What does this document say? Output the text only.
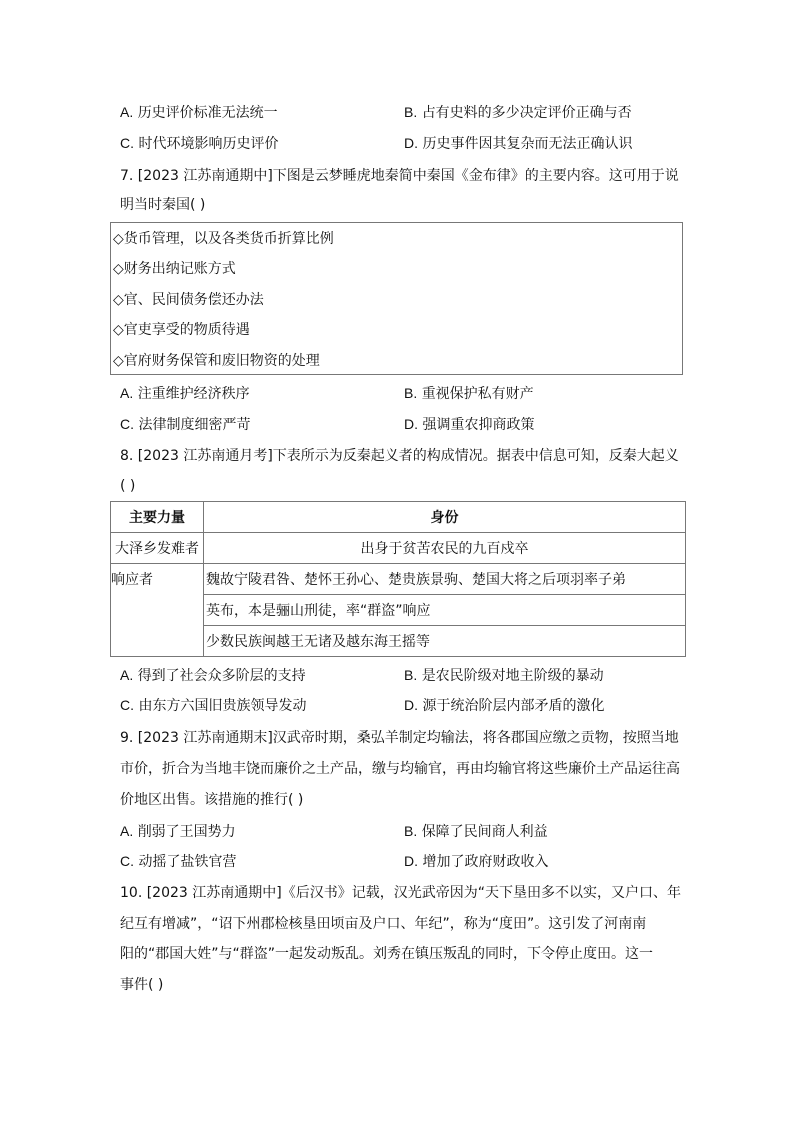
A. 历史评价标准无法统一	B. 占有史料的多少决定评价正确与否
C. 时代环境影响历史评价	D. 历史事件因其复杂而无法正确认识
7. [2023 江苏南通期中]下图是云梦睡虎地秦简中秦国《金布律》的主要内容。这可用于说
明当时秦国( )
◇货币管理，以及各类货币折算比例
◇财务出纳记账方式
◇官、民间债务偿还办法
◇官吏享受的物质待遇
◇官府财务保管和废旧物资的处理
A. 注重维护经济秩序	B. 重视保护私有财产
C. 法律制度细密严苛	D. 强调重农抑商政策
8. [2023 江苏南通月考]下表所示为反秦起义者的构成情况。据表中信息可知，反秦大起义
( )
主要力量	身份
大泽乡发难者	出身于贫苦农民的九百戍卒
响应者	魏故宁陵君咎、楚怀王孙心、楚贵族景驹、楚国大将之后项羽率子弟
	英布，本是骊山刑徒，率“群盗”响应
	少数民族闽越王无诸及越东海王摇等
A. 得到了社会众多阶层的支持	B. 是农民阶级对地主阶级的暴动
C. 由东方六国旧贵族领导发动	D. 源于统治阶层内部矛盾的激化
9. [2023 江苏南通期末]汉武帝时期，桑弘羊制定均输法，将各郡国应缴之贡物，按照当地
市价，折合为当地丰饶而廉价之土产品，缴与均输官，再由均输官将这些廉价土产品运往高
价地区出售。该措施的推行( )
A. 削弱了王国势力	B. 保障了民间商人利益
C. 动摇了盐铁官营	D. 增加了政府财政收入
10. [2023 江苏南通期中]《后汉书》记载，汉光武帝因为“天下垦田多不以实，又户口、年
纪互有增减”，“诏下州郡检核垦田顷亩及户口、年纪”，称为“度田”。这引发了河南南
阳的“郡国大姓”与“群盗”一起发动叛乱。刘秀在镇压叛乱的同时，下令停止度田。这一
事件( )
